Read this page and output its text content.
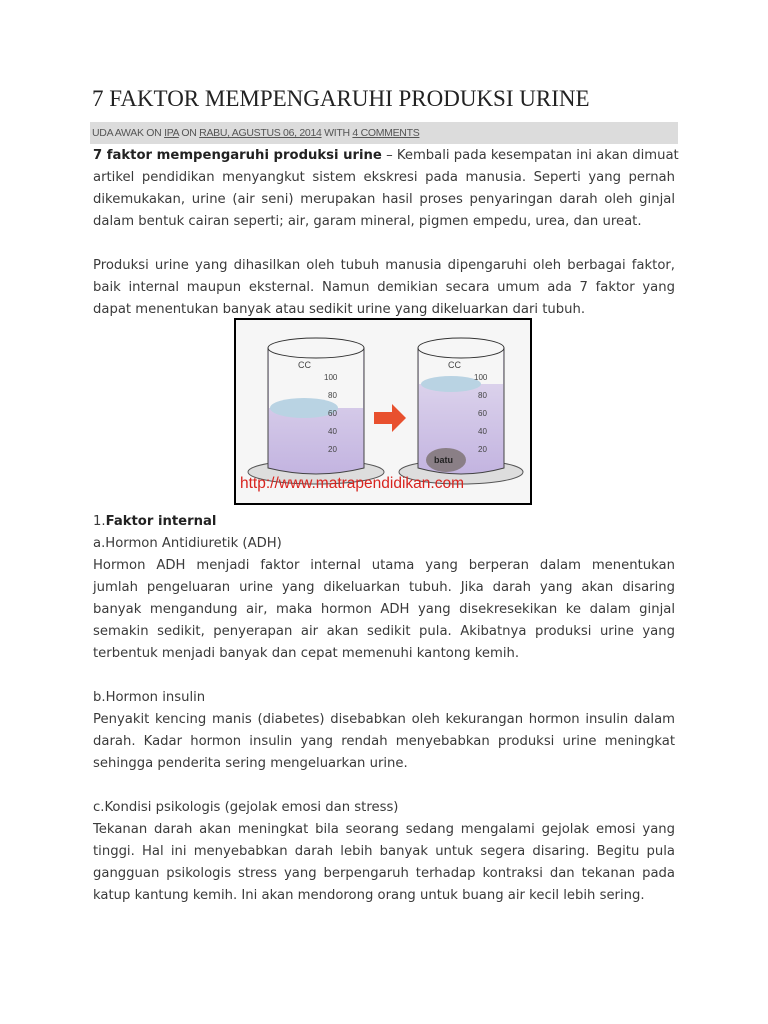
7 FAKTOR MEMPENGARUHI PRODUKSI URINE
UDA AWAK ON IPA ON RABU, AGUSTUS 06, 2014 WITH 4 COMMENTS
7 faktor mempengaruhi produksi urine – Kembali pada kesempatan ini akan dimuat
artikel pendidikan menyangkut sistem ekskresi pada manusia. Seperti yang pernah
dikemukakan, urine (air seni) merupakan hasil proses penyaringan darah oleh ginjal
dalam bentuk cairan seperti; air, garam mineral, pigmen empedu, urea, dan ureat.
Produksi urine yang dihasilkan oleh tubuh manusia dipengaruhi oleh berbagai faktor,
baik internal maupun eksternal. Namun demikian secara umum ada 7 faktor yang
dapat menentukan banyak atau sedikit urine yang dikeluarkan dari tubuh.
CC	CC
100
80
60
40
20
100
80
60
40
20
batu
http://www.matrapendidikan.com
1.Faktor internal
a.Hormon Antidiuretik (ADH)
Hormon ADH menjadi faktor internal utama yang berperan dalam menentukan
jumlah pengeluaran urine yang dikeluarkan tubuh. Jika darah yang akan disaring
banyak mengandung air, maka hormon ADH yang disekresekikan ke dalam ginjal
semakin sedikit, penyerapan air akan sedikit pula. Akibatnya produksi urine yang
terbentuk menjadi banyak dan cepat memenuhi kantong kemih.
b.Hormon insulin
Penyakit kencing manis (diabetes) disebabkan oleh kekurangan hormon insulin dalam
darah. Kadar hormon insulin yang rendah menyebabkan produksi urine meningkat
sehingga penderita sering mengeluarkan urine.
c.Kondisi psikologis (gejolak emosi dan stress)
Tekanan darah akan meningkat bila seorang sedang mengalami gejolak emosi yang
tinggi. Hal ini menyebabkan darah lebih banyak untuk segera disaring. Begitu pula
gangguan psikologis stress yang berpengaruh terhadap kontraksi dan tekanan pada
katup kantung kemih. Ini akan mendorong orang untuk buang air kecil lebih sering.
